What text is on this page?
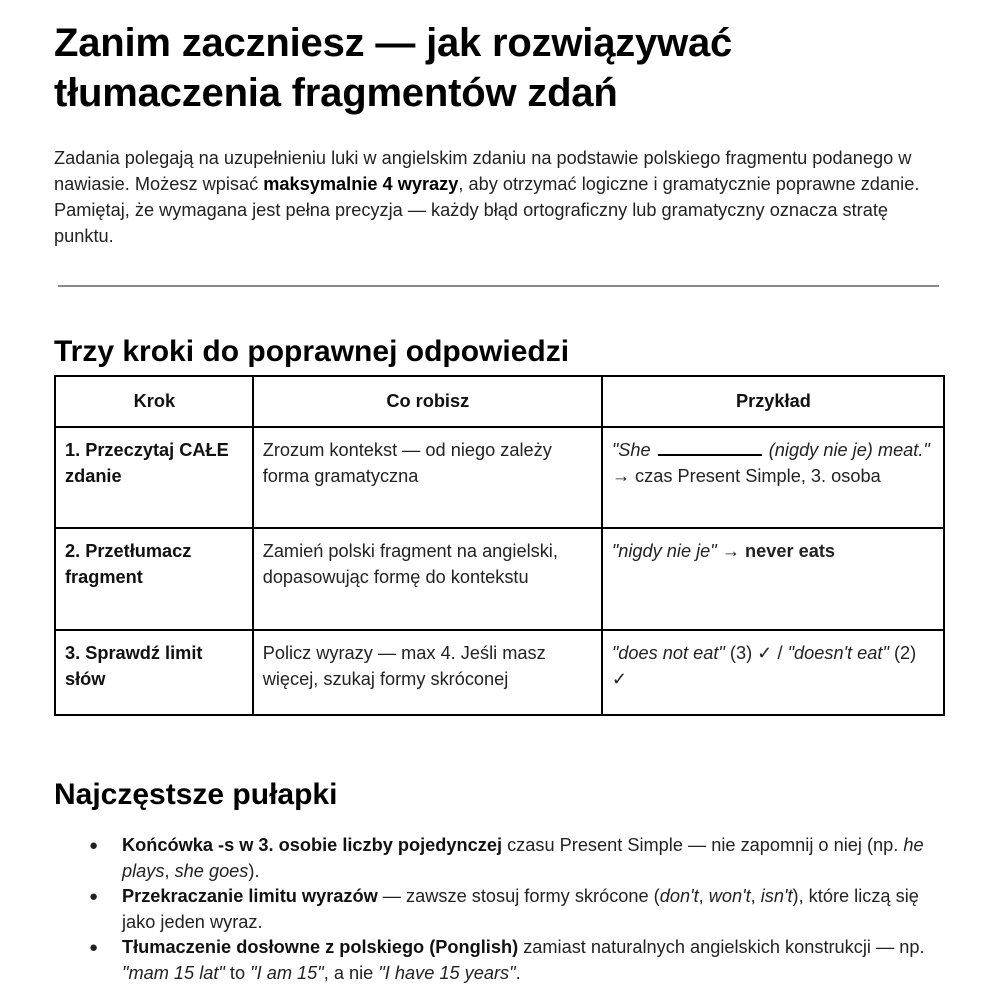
Zanim zaczniesz — jak rozwiązywać tłumaczenia fragmentów zdań

Zadania polegają na uzupełnieniu luki w angielskim zdaniu na podstawie polskiego fragmentu podanego w nawiasie. Możesz wpisać maksymalnie 4 wyrazy, aby otrzymać logiczne i gramatycznie poprawne zdanie. Pamiętaj, że wymagana jest pełna precyzja — każdy błąd ortograficzny lub gramatyczny oznacza stratę punktu.

Trzy kroki do poprawnej odpowiedzi
Krok	Co robisz	Przykład
1. Przeczytaj CAŁE zdanie	Zrozum kontekst — od niego zależy forma gramatyczna	"She (nigdy nie je) meat." → czas Present Simple, 3. osoba
2. Przetłumacz fragment	Zamień polski fragment na angielski, dopasowując formę do kontekstu	"nigdy nie je" → never eats
3. Sprawdź limit słów	Policz wyrazy — max 4. Jeśli masz więcej, szukaj formy skróconej	"does not eat" (3) ✓ / "doesn't eat" (2) ✓
Najczęstsze pułapki
● Końcówka -s w 3. osobie liczby pojedynczej czasu Present Simple — nie zapomnij o niej (np. he plays, she goes).
● Przekraczanie limitu wyrazów — zawsze stosuj formy skrócone (don't, won't, isn't), które liczą się jako jeden wyraz.
● Tłumaczenie dosłowne z polskiego (Ponglish) zamiast naturalnych angielskich konstrukcji — np. "mam 15 lat" to "I am 15", a nie "I have 15 years".
